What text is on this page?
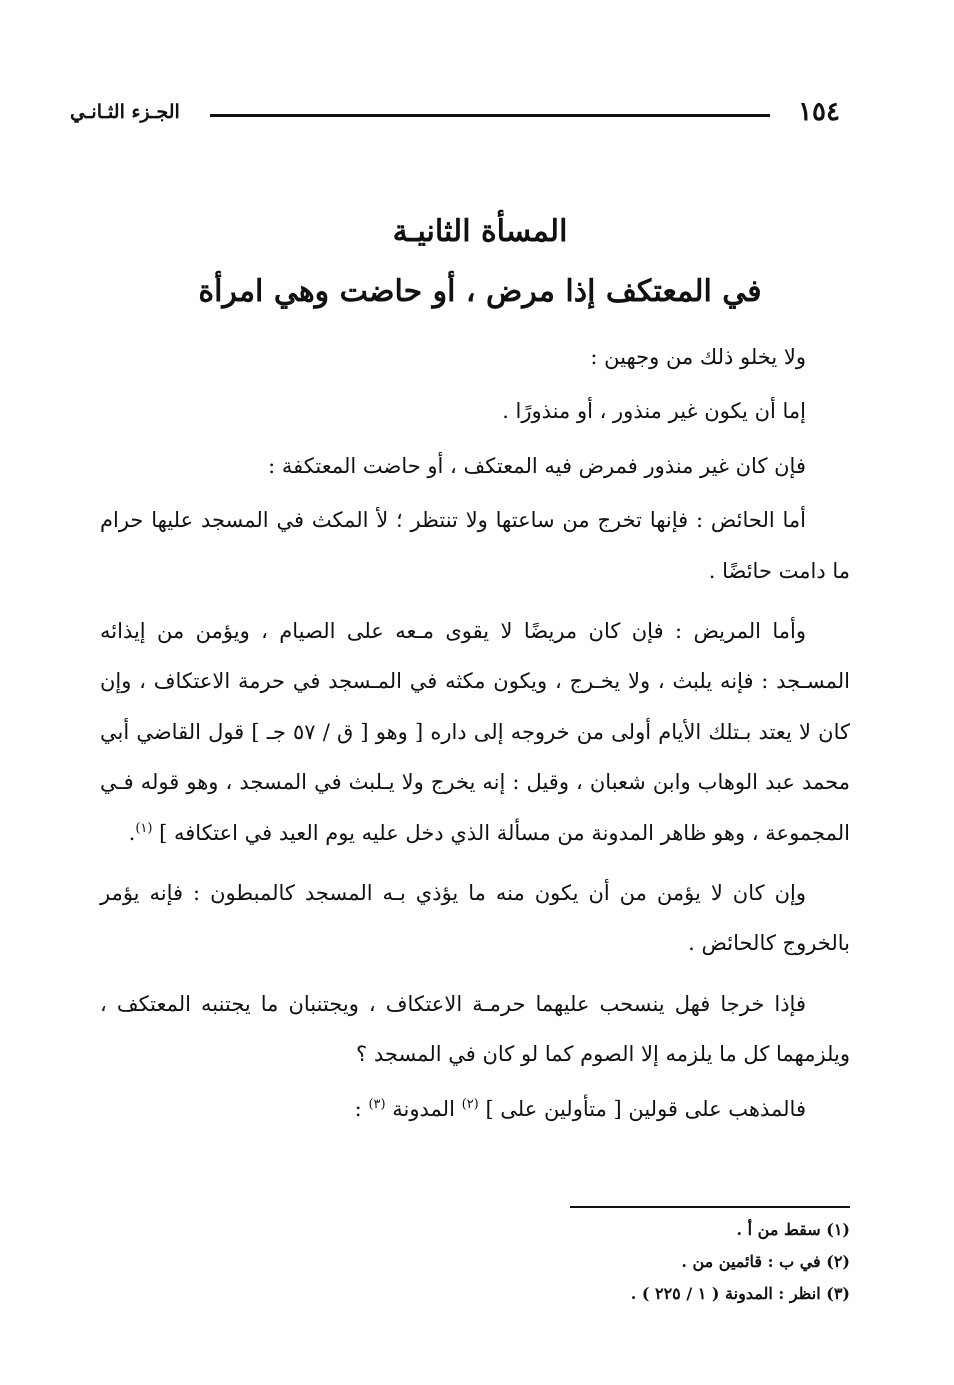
١٥٤
الجـزء الثـانـي
المسأة الثانيـة
في المعتكف إذا مرض ، أو حاضت وهي امرأة

ولا يخلو ذلك من وجهين :

إما أن يكون غير منذور ، أو منذورًا .

فإن كان غير منذور فمرض فيه المعتكف ، أو حاضت المعتكفة :

أما الحائض : فإنها تخرج من ساعتها ولا تنتظر ؛ لأ المكث في المسجد عليها حرام ما دامت حائضًا .

وأما المريض : فإن كان مريضًا لا يقوى مـعه على الصيام ، ويؤمن من إيذائه المسـجد : فإنه يلبث ، ولا يخـرج ، ويكون مكثه في المـسجد في حرمة الاعتكاف ، وإن كان لا يعتد بـتلك الأيام أولى من خروجه إلى داره [ وهو [ ق / ٥٧ جـ ] قول القاضي أبي محمد عبد الوهاب وابن شعبان ، وقيل : إنه يخرج ولا يـلبث في المسجد ، وهو قوله فـي المجموعة ، وهو ظاهر المدونة من مسألة الذي دخل عليه يوم العيد في اعتكافه ] $^{(١)}$.

وإن كان لا يؤمن من أن يكون منه ما يؤذي بـه المسجد كالمبطون : فإنه يؤمر بالخروج كالحائض .

فإذا خرجا فهل ينسحب عليهما حرمـة الاعتكاف ، ويجتنبان ما يجتنبه المعتكف ، ويلزمهما كل ما يلزمه إلا الصوم كما لو كان في المسجد ؟

فالمذهب على قولين [ متأولين على ] $^{(٢)}$ المدونة $^{(٣)}$ :

(١) سقط من أ .
(٢) في ب : قائمين من .
(٣) انظر : المدونة ( ١ / ٢٢٥ ) .
